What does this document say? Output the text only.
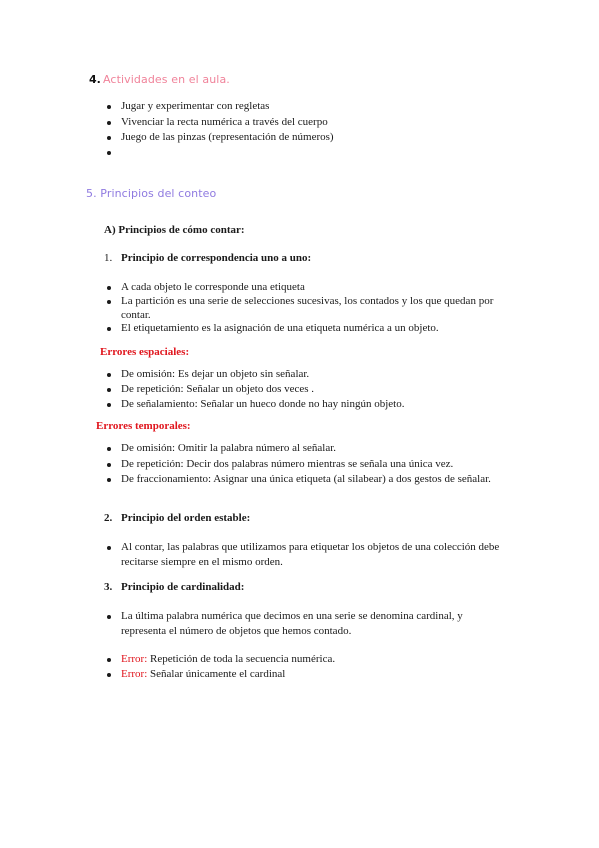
4. Actividades en el aula.
Jugar y experimentar con regletas
Vivenciar la recta numérica a través del cuerpo
Juego de las pinzas (representación de números)
5. Principios del conteo
A) Principios de cómo contar:
1. Principio de correspondencia uno a uno:
A cada objeto le corresponde una etiqueta
La partición es una serie de selecciones sucesivas, los contados y los que quedan por
contar.
El etiquetamiento es la asignación de una etiqueta numérica a un objeto.
Errores espaciales:
De omisión: Es dejar un objeto sin señalar.
De repetición: Señalar un objeto dos veces .
De señalamiento: Señalar un hueco donde no hay ningún objeto.
Errores temporales:
De omisión: Omitir la palabra número al señalar.
De repetición: Decir dos palabras número mientras se señala una única vez.
De fraccionamiento: Asignar una única etiqueta (al silabear) a dos gestos de señalar.
2. Principio del orden estable:
Al contar, las palabras que utilizamos para etiquetar los objetos de una colección debe
recitarse siempre en el mismo orden.
3. Principio de cardinalidad:
La última palabra numérica que decimos en una serie se denomina cardinal, y
representa el número de objetos que hemos contado.
Error: Repetición de toda la secuencia numérica.
Error: Señalar únicamente el cardinal
